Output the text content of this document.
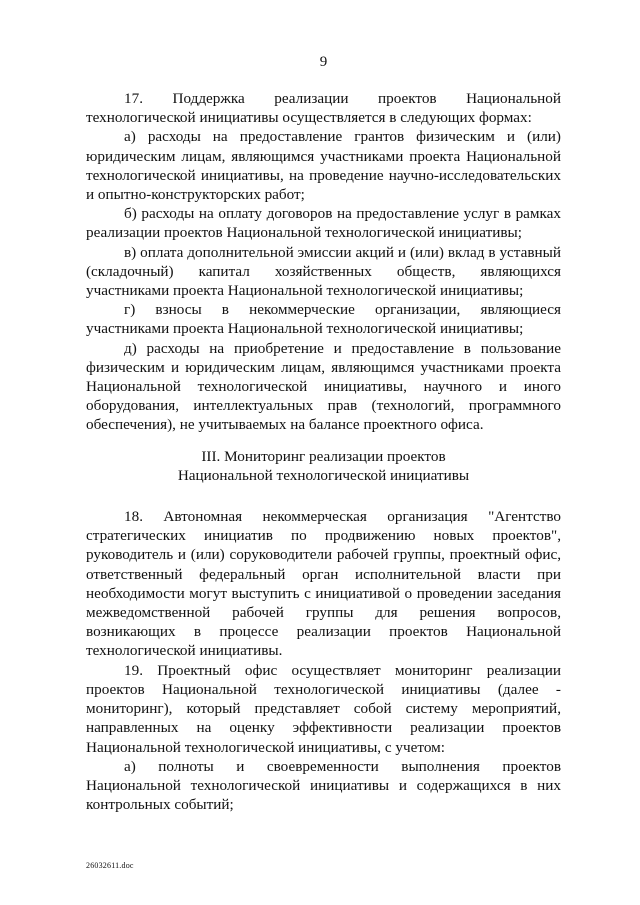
9

17. Поддержка реализации проектов Национальной технологической инициативы осуществляется в следующих формах:

а) расходы на предоставление грантов физическим и (или) юридическим лицам, являющимся участниками проекта Национальной технологической инициативы, на проведение научно-исследовательских и опытно-конструкторских работ;

б) расходы на оплату договоров на предоставление услуг в рамках реализации проектов Национальной технологической инициативы;

в) оплата дополнительной эмиссии акций и (или) вклад в уставный (складочный) капитал хозяйственных обществ, являющихся участниками проекта Национальной технологической инициативы;

г) взносы в некоммерческие организации, являющиеся участниками проекта Национальной технологической инициативы;

д) расходы на приобретение и предоставление в пользование физическим и юридическим лицам, являющимся участниками проекта Национальной технологической инициативы, научного и иного оборудования, интеллектуальных прав (технологий, программного обеспечения), не учитываемых на балансе проектного офиса.

III. Мониторинг реализации проектов
Национальной технологической инициативы

18. Автономная некоммерческая организация "Агентство стратегических инициатив по продвижению новых проектов", руководитель и (или) соруководители рабочей группы, проектный офис, ответственный федеральный орган исполнительной власти при необходимости могут выступить с инициативой о проведении заседания межведомственной рабочей группы для решения вопросов, возникающих в процессе реализации проектов Национальной технологической инициативы.

19. Проектный офис осуществляет мониторинг реализации проектов Национальной технологической инициативы (далее - мониторинг), который представляет собой систему мероприятий, направленных на оценку эффективности реализации проектов Национальной технологической инициативы, с учетом:

а) полноты и своевременности выполнения проектов Национальной технологической инициативы и содержащихся в них контрольных событий;

26032611.doc
